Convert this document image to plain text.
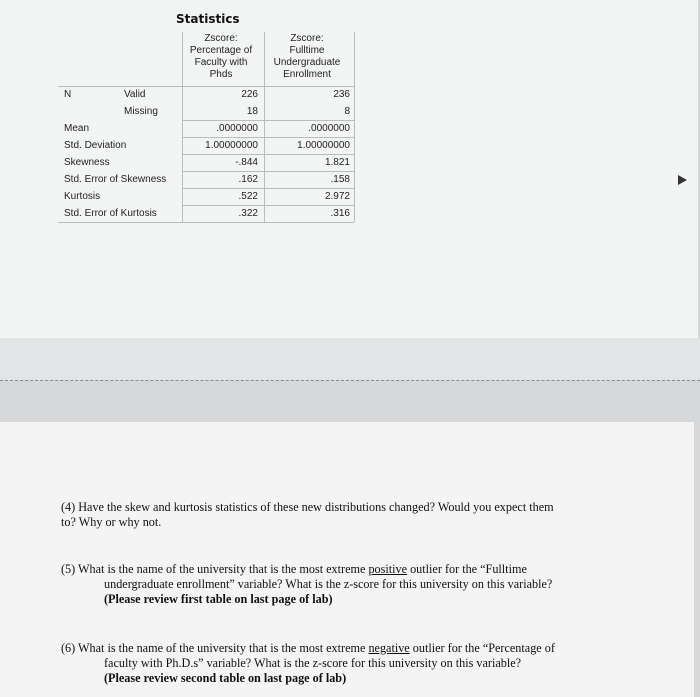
Statistics
Zscore:
Percentage of
Faculty with
Phds
Zscore:
Fulltime
Undergraduate
Enrollment
N	Valid	226	236
Missing	18	8
Mean	.0000000	.0000000
Std. Deviation	1.00000000	1.00000000
Skewness	-.844	1.821
Std. Error of Skewness	.162	.158
Kurtosis	.522	2.972
Std. Error of Kurtosis	.322	.316
(4) Have the skew and kurtosis statistics of these new distributions changed? Would you expect them
to? Why or why not.
(5) What is the name of the university that is the most extreme positive outlier for the “Fulltime
undergraduate enrollment” variable? What is the z-score for this university on this variable?
(Please review first table on last page of lab)
(6) What is the name of the university that is the most extreme negative outlier for the “Percentage of
faculty with Ph.D.s” variable? What is the z-score for this university on this variable?
(Please review second table on last page of lab)
